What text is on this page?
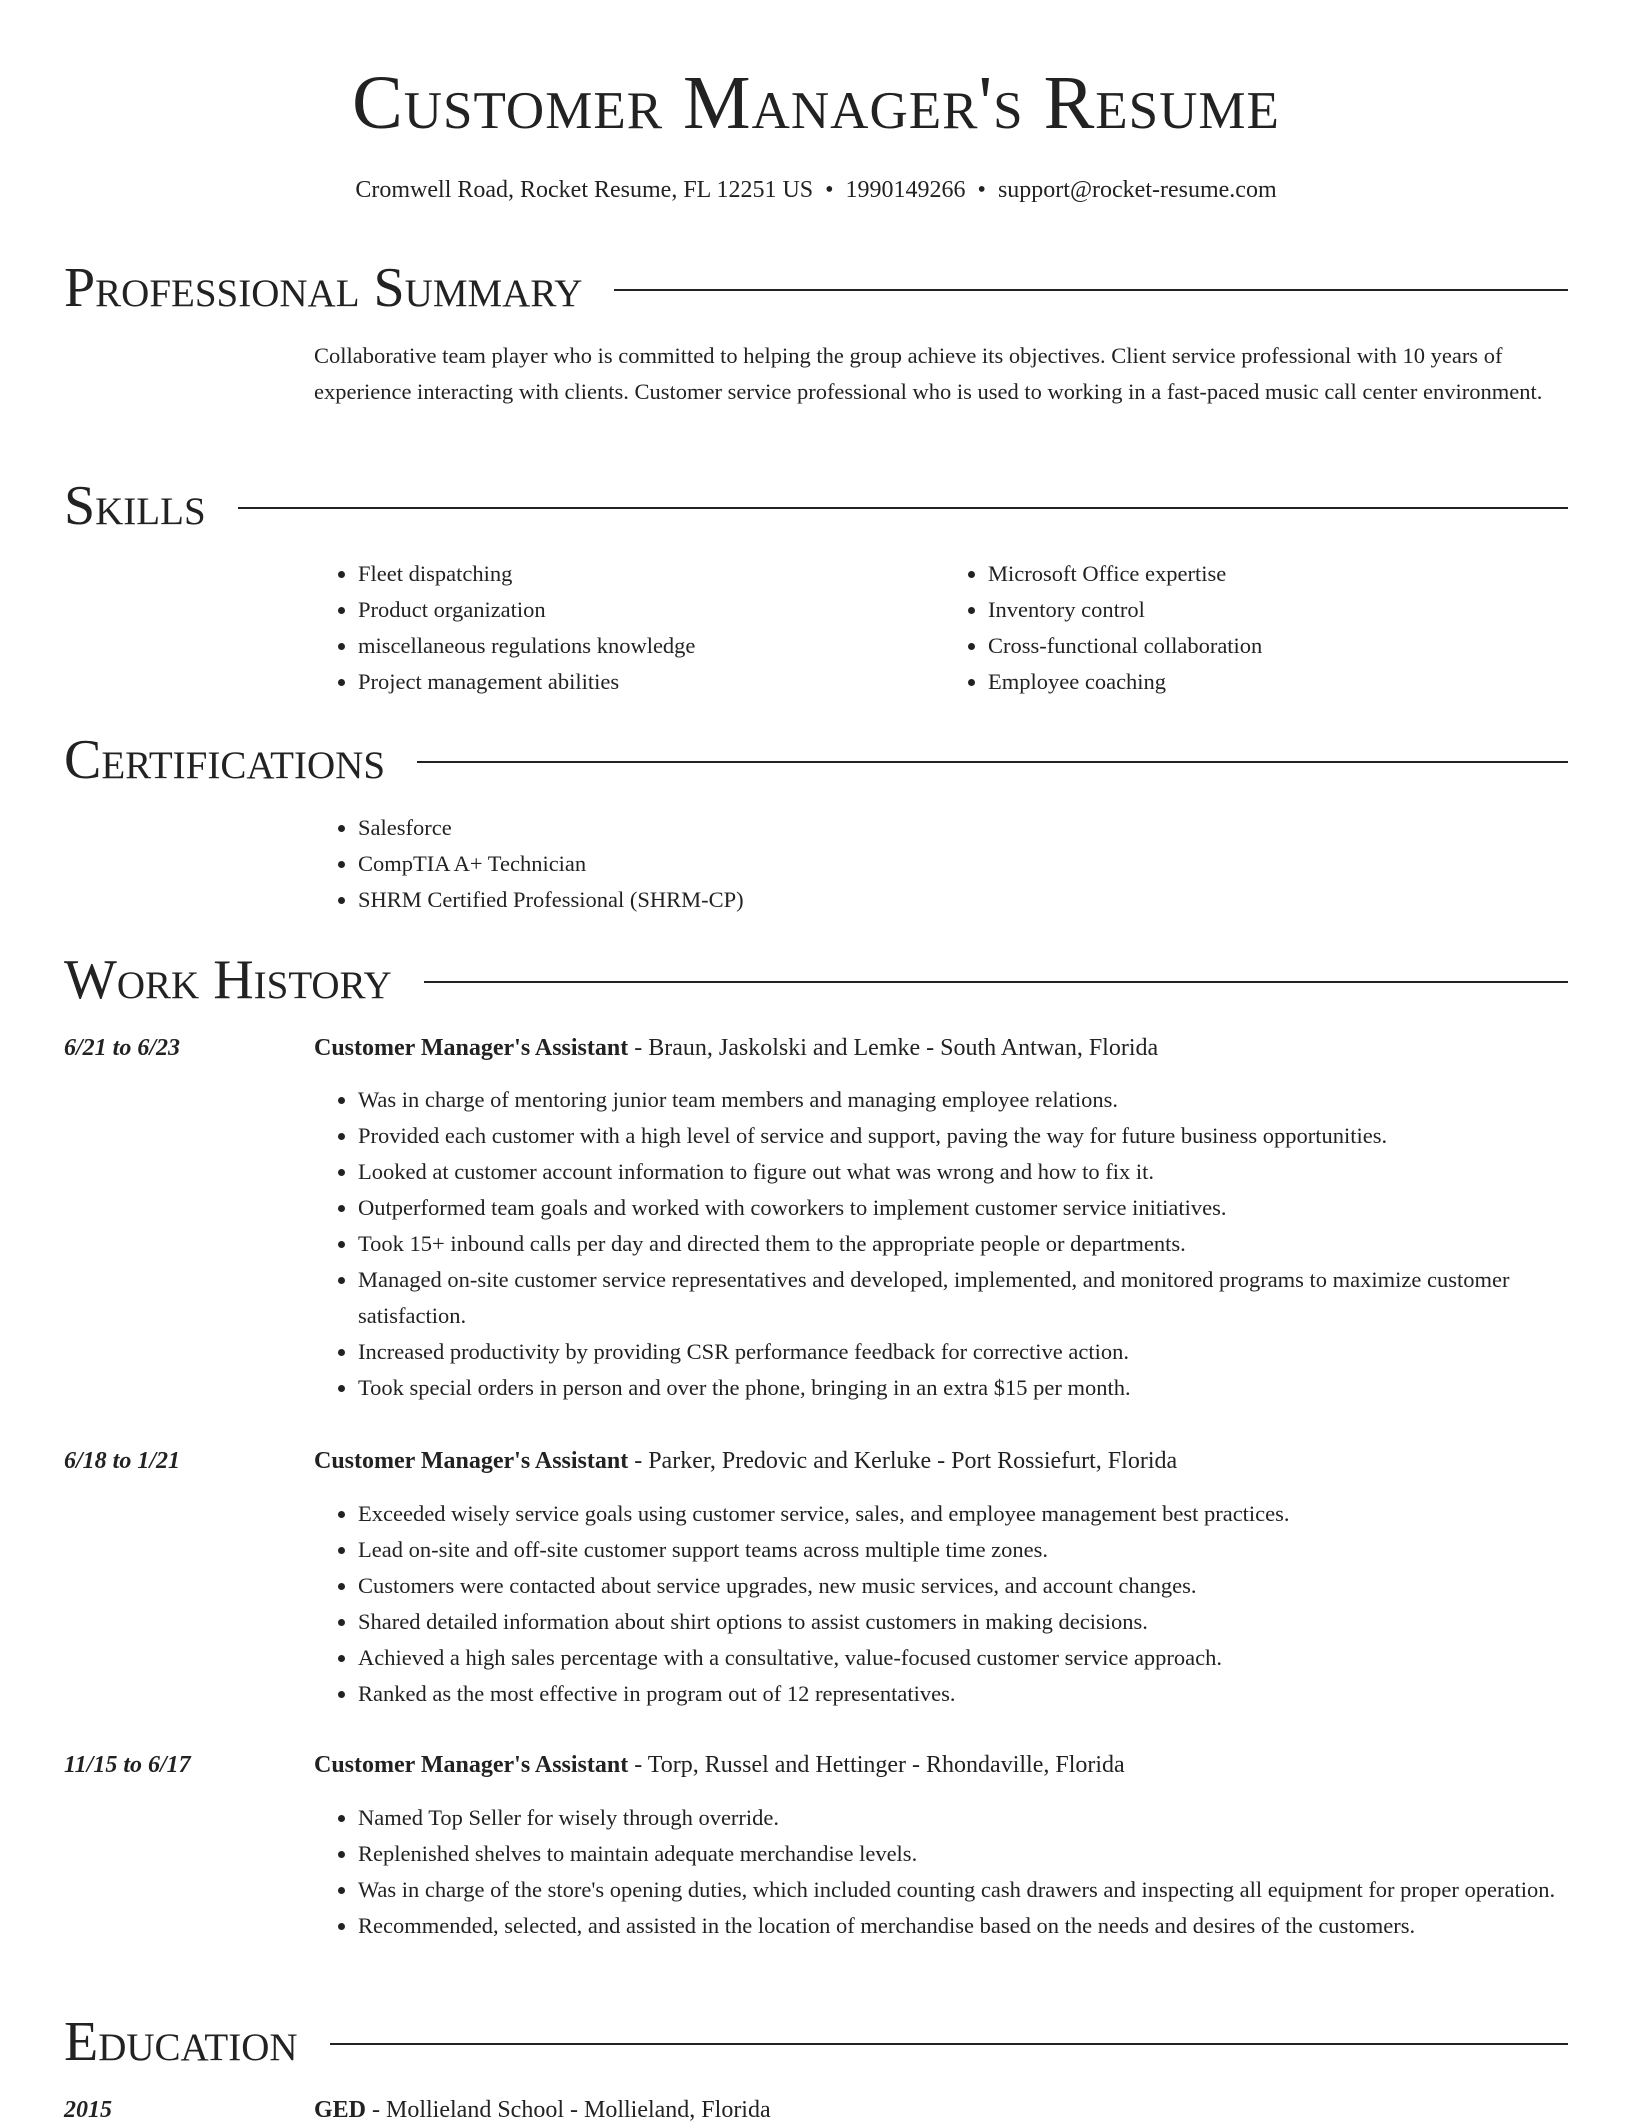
Customer Manager's Resume
Cromwell Road, Rocket Resume, FL 12251 US • 1990149266 • support@rocket-resume.com
Professional Summary

Collaborative team player who is committed to helping the group achieve its objectives. Client service professional with 10 years of experience interacting with clients. Customer service professional who is used to working in a fast-paced music call center environment.

Skills
• Fleet dispatching
• Product organization
• miscellaneous regulations knowledge
• Project management abilities
• Microsoft Office expertise
• Inventory control
• Cross-functional collaboration
• Employee coaching
Certifications
• Salesforce
• CompTIA A+ Technician
• SHRM Certified Professional (SHRM-CP)
Work History
6/21 to 6/23	Customer Manager's Assistant - Braun, Jaskolski and Lemke - South Antwan, Florida
• Was in charge of mentoring junior team members and managing employee relations.
• Provided each customer with a high level of service and support, paving the way for future business opportunities.
• Looked at customer account information to figure out what was wrong and how to fix it.
• Outperformed team goals and worked with coworkers to implement customer service initiatives.
• Took 15+ inbound calls per day and directed them to the appropriate people or departments.
• Managed on-site customer service representatives and developed, implemented, and monitored programs to maximize customer satisfaction.
• Increased productivity by providing CSR performance feedback for corrective action.
• Took special orders in person and over the phone, bringing in an extra $15 per month.
6/18 to 1/21	Customer Manager's Assistant - Parker, Predovic and Kerluke - Port Rossiefurt, Florida
• Exceeded wisely service goals using customer service, sales, and employee management best practices.
• Lead on-site and off-site customer support teams across multiple time zones.
• Customers were contacted about service upgrades, new music services, and account changes.
• Shared detailed information about shirt options to assist customers in making decisions.
• Achieved a high sales percentage with a consultative, value-focused customer service approach.
• Ranked as the most effective in program out of 12 representatives.
11/15 to 6/17	Customer Manager's Assistant - Torp, Russel and Hettinger - Rhondaville, Florida
• Named Top Seller for wisely through override.
• Replenished shelves to maintain adequate merchandise levels.
• Was in charge of the store's opening duties, which included counting cash drawers and inspecting all equipment for proper operation.
• Recommended, selected, and assisted in the location of merchandise based on the needs and desires of the customers.
Education
2015	GED - Mollieland School - Mollieland, Florida
